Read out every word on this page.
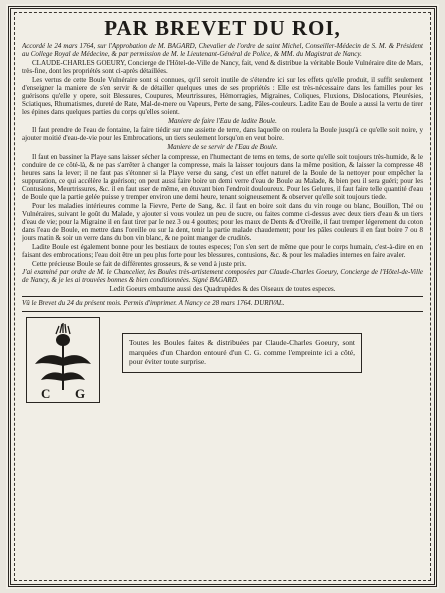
PAR BREVET DU ROI,

Accordé le 24 mars 1764, sur l'Approbation de M. BAGARD, Chevalier de l'ordre de saint Michel, Conseiller-Médecin de S. M. & Président au College Royal de Médecine, & par permission de M. le Lieutenant-Général de Police, & MM. du Magistrat de Nancy.

CLAUDE-CHARLES GOEURY, Concierge de l'Hôtel-de-Ville de Nancy, fait, vend & distribue la véritable Boule Vulnéraire dite de Mars, très-fine, dont les propriétés sont ci-après détaillées.

Les vertus de cette Boule Vulnéraire sont si connues, qu'il seroit inutile de s'étendre ici sur les effets qu'elle produit, il suffit seulement d'enseigner la maniere de s'en servir & de détailler quelques unes de ses propriétés : Elle est très-nécessaire dans les familles pour les guérisons qu'elle y opere, soit Blessures, Coupures, Meurtrissures, Hémorragies, Migraines, Coliques, Fluxions, Dislocations, Pleurésies, Sciatiques, Rhumatismes, dureté de Rate, Mal-de-mere ou Vapeurs, Perte de sang, Pâles-couleurs. Ladite Eau de Boule a aussi la vertu de tirer les épines dans quelques parties du corps qu'elles soient.

Maniere de faire l'Eau de ladite Boule.

Il faut prendre de l'eau de fontaine, la faire tiédir sur une assiette de terre, dans laquelle on roulera la Boule jusqu'à ce qu'elle soit noire, y ajouter moitié d'eau-de-vie pour les Embrocations, un tiers seulement lorsqu'on en veut boire.

Maniere de se servir de l'Eau de Boule.

Il faut en bassiner la Playe sans laisser sécher la compresse, en l'humectant de tems en tems, de sorte qu'elle soit toujours très-humide, & le conduire de ce côté-là, & ne pas s'arrêter à changer la compresse, mais la laisser toujours dans la même position, & laisser la compresse 48 heures sans la lever; il ne faut pas s'étonner si la Playe verse du sang, c'est un effet naturel de la Boule de la nettoyer pour empêcher la suppuration, ce qui accélère la guérison; on peut aussi faire boire un demi verre d'eau de Boule au Malade, & bien peu il sera guéri; pour les Contusions, Meurtrissures, &c. il en faut user de même, en étuvant bien l'endroit douloureux. Pour les Gelures, il faut faire telle quantité d'eau de Boule que la partie gelée puisse y tremper environ une demi heure, tenant soigneusement & observer qu'elle soit toujours tiede.

Pour les maladies intérieures comme la Fievre, Perte de Sang, &c. il faut en boire soit dans du vin rouge ou blanc, Bouillon, Thé ou Vulnéraires, suivant le goût du Malade, y ajouter si vous voulez un peu de sucre, ou faites comme ci-dessus avec deux tiers d'eau & un tiers d'eau de vie; pour la Migraine il en faut tirer par le nez 3 ou 4 gouttes; pour les maux de Dents & d'Oreille, il faut tremper légerement du coton dans l'eau de Boule, en mettre dans l'oreille ou sur la dent, tenir la partie malade chaudement; pour les pâles couleurs il en faut boire 7 ou 8 jours matin & soir un verre dans du bon vin blanc, & ne point manger de crudités.

Ladite Boule est également bonne pour les bestiaux de toutes especes; l'on s'en sert de même que pour le corps humain, c'est-à-dire en en faisant des embrocations; l'eau doit être un peu plus forte pour les blessures, contusions, &c. & pour les maladies internes en faire avaler.

Cette précieuse Boule se fait de différentes grosseurs, & se vend à juste prix.

J'ai examiné par ordre de M. le Chancelier, les Boules très-artistement composées par Claude-Charles Goeury, Concierge de l'Hôtel-de-Ville de Nancy, & je les ai trouvées bonnes & bien conditionnées. Signé BAGARD.

Ledit Goeurs embaume aussi des Quadrupèdes & des Oiseaux de toutes especes.

Vû le Brevet du 24 du présent mois. Permis d'imprimer. A Nancy ce 28 mars 1764. DURIVAL.

C G
Toutes les Boules faites & distribuées par Claude-Charles Goeury, sont marquées d'un Chardon entouré d'un C. G. comme l'empreinte ici a côté, pour éviter toute surprise.
